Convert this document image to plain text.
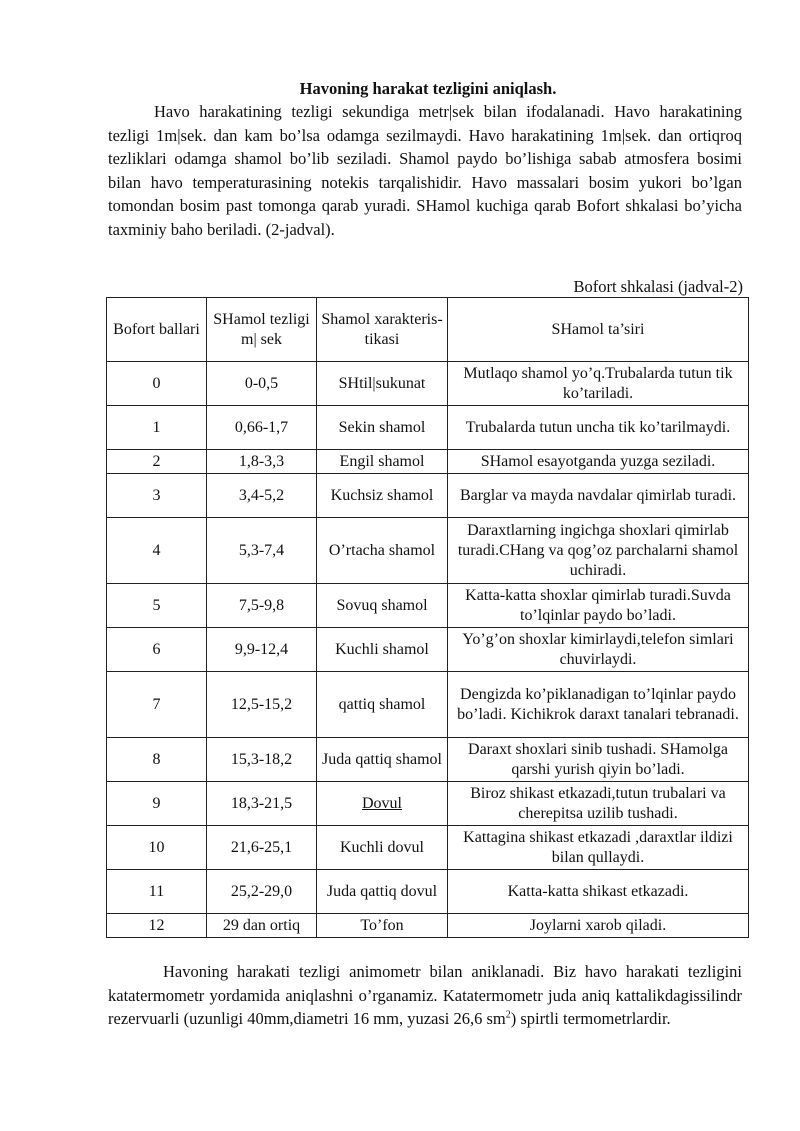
Havoning harakat tezligini aniqlash.

Havo harakatining tezligi sekundiga metr|sek bilan ifodalanadi. Havo harakatining tezligi 1m|sek. dan kam bo’lsa odamga sezilmaydi. Havo harakatining 1m|sek. dan ortiqroq tezliklari odamga shamol bo’lib seziladi. Shamol paydo bo’lishiga sabab atmosfera bosimi bilan havo temperaturasining notekis tarqalishidir. Havo massalari bosim yukori bo’lgan tomondan bosim past tomonga qarab yuradi. SHamol kuchiga qarab Bofort shkalasi bo’yicha taxminiy baho beriladi. (2-jadval).

Bofort shkalasi (jadval-2)
Bofort ballari	SHamol tezligi m| sek	Shamol xarakteris-tikasi	SHamol ta’siri
0	0-0,5	SHtil|sukunat	Mutlaqo shamol yo’q.Trubalarda tutun tik ko’tariladi.
1	0,66-1,7	Sekin shamol	Trubalarda tutun uncha tik ko’tarilmaydi.
2	1,8-3,3	Engil shamol	SHamol esayotganda yuzga seziladi.
3	3,4-5,2	Kuchsiz shamol	Barglar va mayda navdalar qimirlab turadi.
4	5,3-7,4	O’rtacha shamol	Daraxtlarning ingichga shoxlari qimirlab turadi.CHang va qog’oz parchalarni shamol uchiradi.
5	7,5-9,8	Sovuq shamol	Katta-katta shoxlar qimirlab turadi.Suvda to’lqinlar paydo bo’ladi.
6	9,9-12,4	Kuchli shamol	Yo’g’on shoxlar kimirlaydi,telefon simlari chuvirlaydi.
7	12,5-15,2	qattiq shamol	Dengizda ko’piklanadigan to’lqinlar paydo bo’ladi. Kichikrok daraxt tanalari tebranadi.
8	15,3-18,2	Juda qattiq shamol	Daraxt shoxlari sinib tushadi. SHamolga qarshi yurish qiyin bo’ladi.
9	18,3-21,5	Dovul	Biroz shikast etkazadi,tutun trubalari va cherepitsa uzilib tushadi.
10	21,6-25,1	Kuchli dovul	Kattagina shikast etkazadi ,daraxtlar ildizi bilan qullaydi.
11	25,2-29,0	Juda qattiq dovul	Katta-katta shikast etkazadi.
12	29 dan ortiq	To’fon	Joylarni xarob qiladi.

Havoning harakati tezligi animometr bilan aniklanadi. Biz havo harakati tezligini katatermometr yordamida aniqlashni o’rganamiz. Katatermometr juda aniq kattalikdagissilindr rezervuarli (uzunligi 40mm,diametri 16 mm, yuzasi 26,6 $sm^2$) spirtli termometrlardir.
